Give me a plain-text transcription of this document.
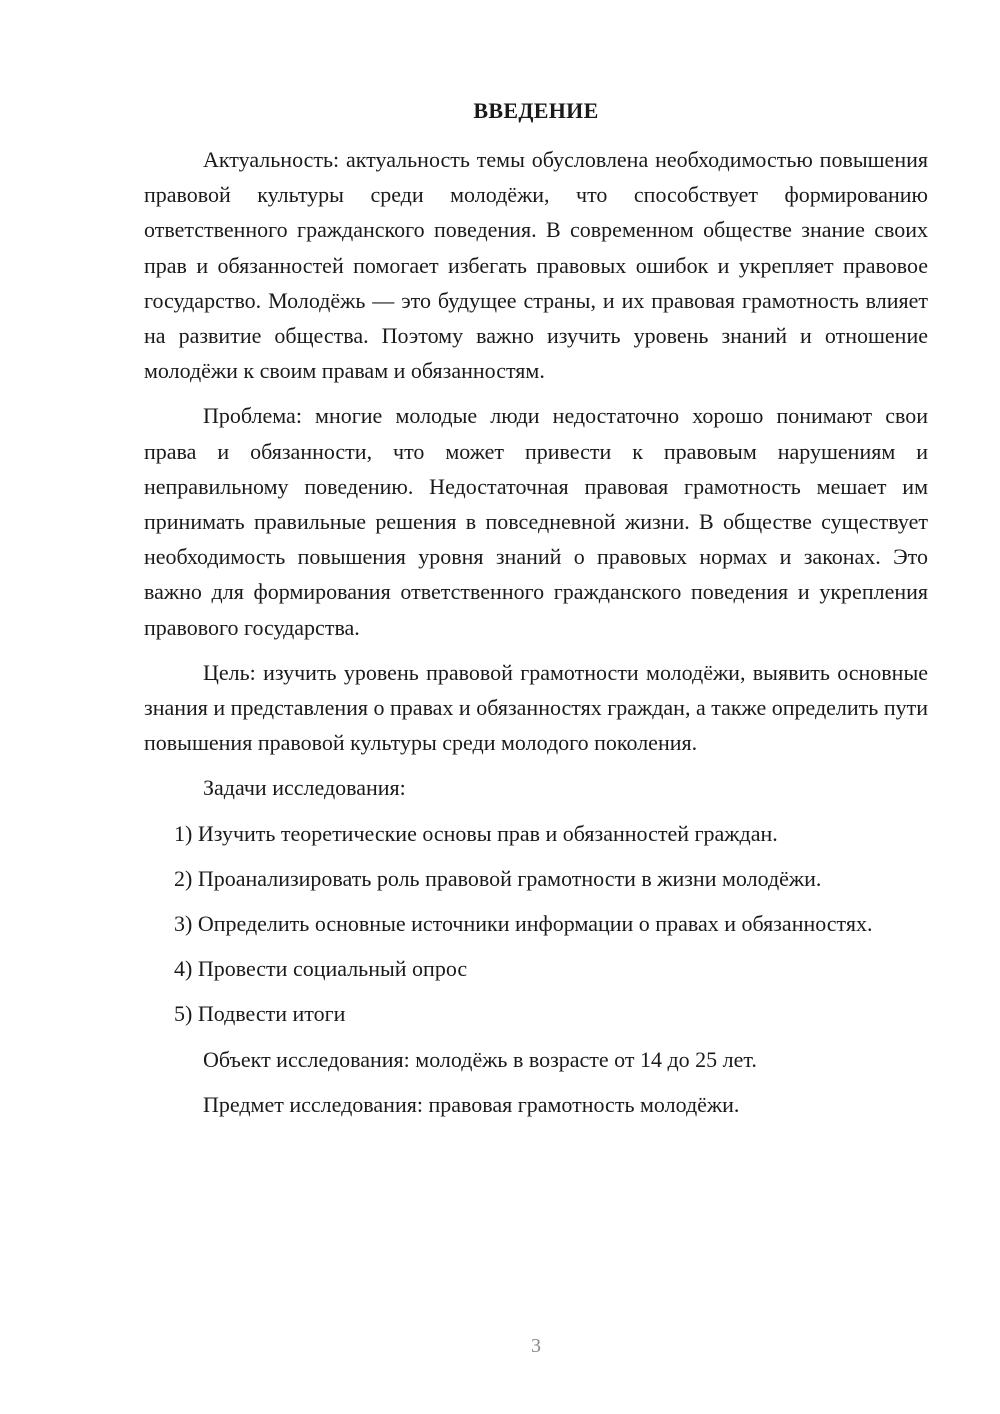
ВВЕДЕНИЕ

Актуальность: актуальность темы обусловлена необходимостью повышения правовой культуры среди молодёжи, что способствует формированию ответственного гражданского поведения. В современном обществе знание своих прав и обязанностей помогает избегать правовых ошибок и укрепляет правовое государство. Молодёжь — это будущее страны, и их правовая грамотность влияет на развитие общества. Поэтому важно изучить уровень знаний и отношение молодёжи к своим правам и обязанностям.

Проблема: многие молодые люди недостаточно хорошо понимают свои права и обязанности, что может привести к правовым нарушениям и неправильному поведению. Недостаточная правовая грамотность мешает им принимать правильные решения в повседневной жизни. В обществе существует необходимость повышения уровня знаний о правовых нормах и законах. Это важно для формирования ответственного гражданского поведения и укрепления правового государства.

Цель: изучить уровень правовой грамотности молодёжи, выявить основные знания и представления о правах и обязанностях граждан, а также определить пути повышения правовой культуры среди молодого поколения.

Задачи исследования:

1) Изучить теоретические основы прав и обязанностей граждан.

2) Проанализировать роль правовой грамотности в жизни молодёжи.

3) Определить основные источники информации о правах и обязанностях.

4) Провести социальный опрос

5) Подвести итоги

Объект исследования: молодёжь в возрасте от 14 до 25 лет.

Предмет исследования: правовая грамотность молодёжи.

3
